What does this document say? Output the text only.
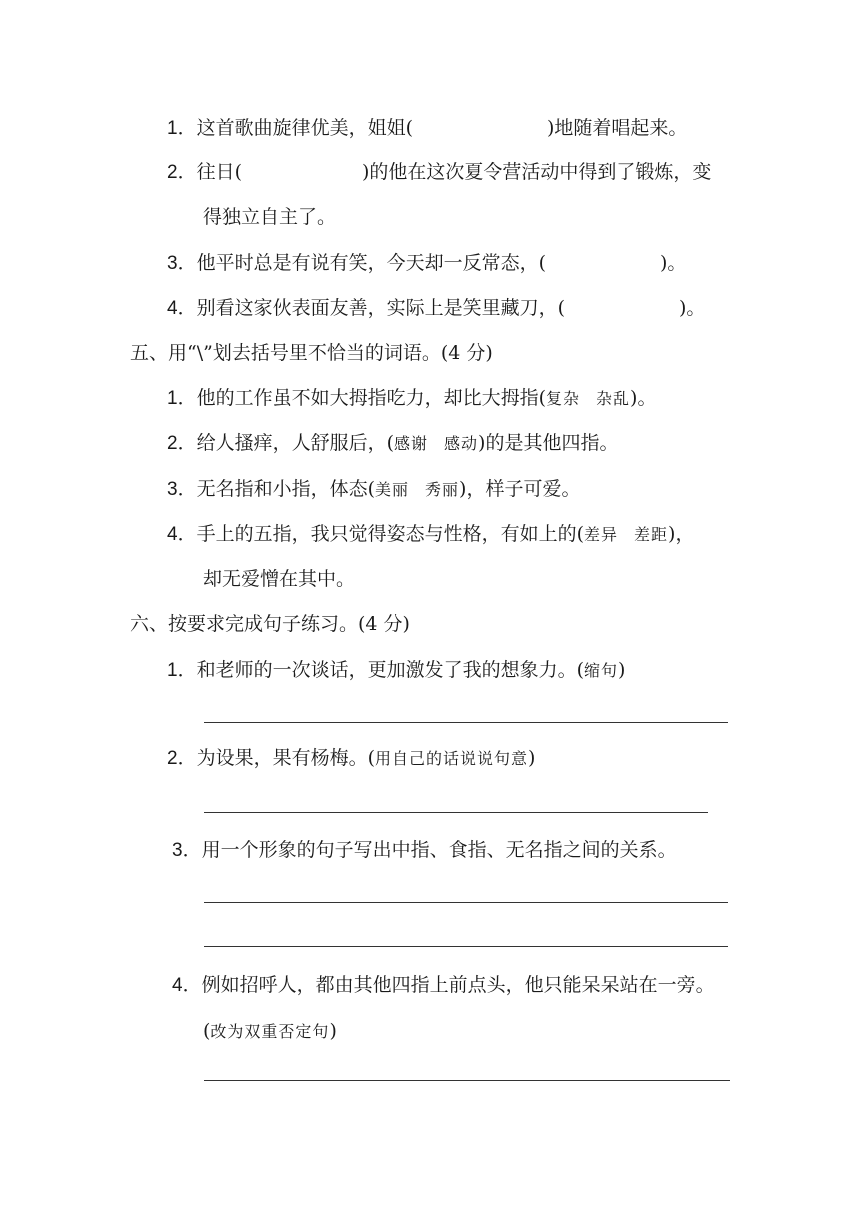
1．这首歌曲旋律优美，姐姐(	)地随着唱起来。
2．往日(	)的他在这次夏令营活动中得到了锻炼，变
得独立自主了。
3．他平时总是有说有笑，今天却一反常态，(	)。
4．别看这家伙表面友善，实际上是笑里藏刀，(	)。
五、用“\”划去括号里不恰当的词语。(4 分)
1．他的工作虽不如大拇指吃力，却比大拇指(复杂 杂乱)。
2．给人搔痒，人舒服后，(感谢 感动)的是其他四指。
3．无名指和小指，体态(美丽 秀丽)，样子可爱。
4．手上的五指，我只觉得姿态与性格，有如上的(差异 差距)，
却无爱憎在其中。
六、按要求完成句子练习。(4 分)
1．和老师的一次谈话，更加激发了我的想象力。(缩句)
2．为设果，果有杨梅。(用自己的话说说句意)
3．用一个形象的句子写出中指、食指、无名指之间的关系。
4．例如招呼人，都由其他四指上前点头，他只能呆呆站在一旁。
(改为双重否定句)
